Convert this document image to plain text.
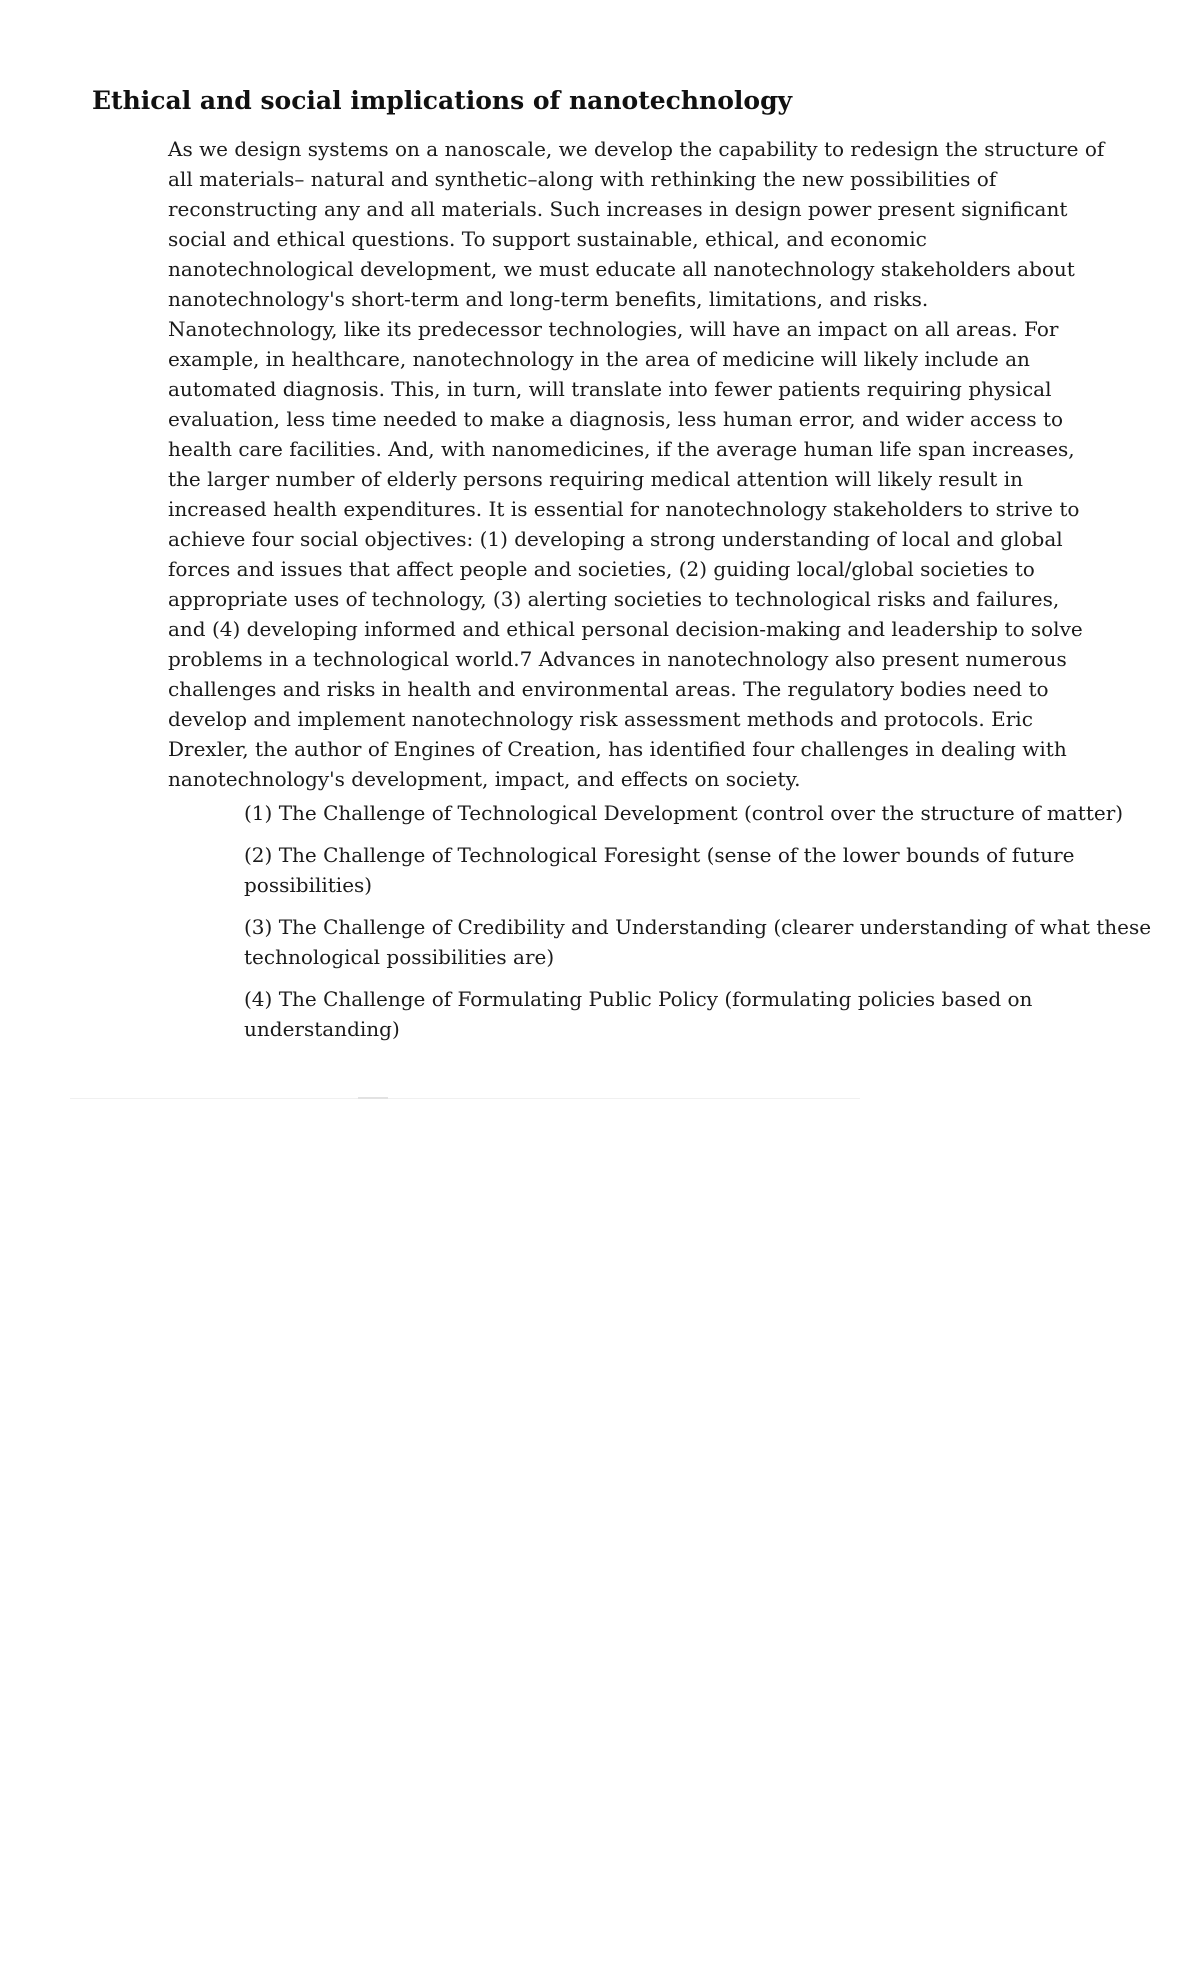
Ethical and social implications of nanotechnology
As we design systems on a nanoscale, we develop the capability to redesign the structure of
all materials– natural and synthetic–along with rethinking the new possibilities of
reconstructing any and all materials. Such increases in design power present significant
social and ethical questions. To support sustainable, ethical, and economic
nanotechnological development, we must educate all nanotechnology stakeholders about
nanotechnology's short-term and long-term benefits, limitations, and risks.
Nanotechnology, like its predecessor technologies, will have an impact on all areas. For
example, in healthcare, nanotechnology in the area of medicine will likely include an
automated diagnosis. This, in turn, will translate into fewer patients requiring physical
evaluation, less time needed to make a diagnosis, less human error, and wider access to
health care facilities. And, with nanomedicines, if the average human life span increases,
the larger number of elderly persons requiring medical attention will likely result in
increased health expenditures. It is essential for nanotechnology stakeholders to strive to
achieve four social objectives: (1) developing a strong understanding of local and global
forces and issues that affect people and societies, (2) guiding local/global societies to
appropriate uses of technology, (3) alerting societies to technological risks and failures,
and (4) developing informed and ethical personal decision-making and leadership to solve
problems in a technological world.7 Advances in nanotechnology also present numerous
challenges and risks in health and environmental areas. The regulatory bodies need to
develop and implement nanotechnology risk assessment methods and protocols. Eric
Drexler, the author of Engines of Creation, has identified four challenges in dealing with
nanotechnology's development, impact, and effects on society.
(1) The Challenge of Technological Development (control over the structure of matter)
(2) The Challenge of Technological Foresight (sense of the lower bounds of future possibilities)
(3) The Challenge of Credibility and Understanding (clearer understanding of what these technological possibilities are)
(4) The Challenge of Formulating Public Policy (formulating policies based on understanding)
